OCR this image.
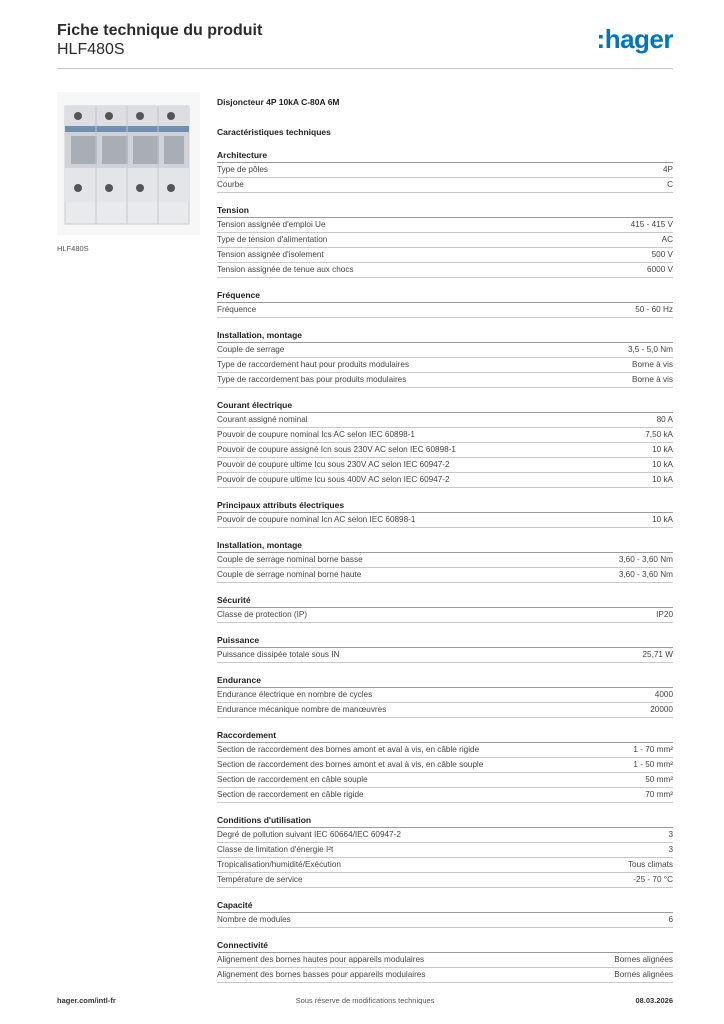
Fiche technique du produit
HLF480S	:hager
HLF480S
Disjoncteur 4P 10kA C-80A 6M
Caractéristiques techniques
Architecture
Type de pôles	4P
Courbe	C
Tension
Tension assignée d'emploi Ue	415 - 415 V
Type de tension d'alimentation	AC
Tension assignée d'isolement	500 V
Tension assignée de tenue aux chocs	6000 V
Fréquence
Fréquence	50 - 60 Hz
Installation, montage
Couple de serrage	3,5 - 5,0 Nm
Type de raccordement haut pour produits modulaires	Borne à vis
Type de raccordement bas pour produits modulaires	Borne à vis
Courant électrique
Courant assigné nominal	80 A
Pouvoir de coupure nominal Ics AC selon IEC 60898-1	7,50 kA
Pouvoir de coupure assigné Icn sous 230V AC selon IEC 60898-1	10 kA
Pouvoir de coupure ultime Icu sous 230V AC selon IEC 60947-2	10 kA
Pouvoir de coupure ultime Icu sous 400V AC selon IEC 60947-2	10 kA
Principaux attributs électriques
Pouvoir de coupure nominal Icn AC selon IEC 60898-1	10 kA
Installation, montage
Couple de serrage nominal borne basse	3,60 - 3,60 Nm
Couple de serrage nominal borne haute	3,60 - 3,60 Nm
Sécurité
Classe de protection (IP)	IP20
Puissance
Puissance dissipée totale sous IN	25,71 W
Endurance
Endurance électrique en nombre de cycles	4000
Endurance mécanique nombre de manœuvres	20000
Raccordement
Section de raccordement des bornes amont et aval à vis, en câble rigide	1 - 70 mm²
Section de raccordement des bornes amont et aval à vis, en câble souple	1 - 50 mm²
Section de raccordement en câble souple	50 mm²
Section de raccordement en câble rigide	70 mm²
Conditions d'utilisation
Degré de pollution suivant IEC 60664/IEC 60947-2	3
Classe de limitation d'énergie I²t	3
Tropicalisation/humidité/Exécution	Tous climats
Température de service	-25 - 70 °C
Capacité
Nombre de modules	6
Connectivité
Alignement des bornes hautes pour appareils modulaires	Bornes alignées
Alignement des bornes basses pour appareils modulaires	Bornes alignées
hager.com/intl-fr	Sous réserve de modifications techniques	08.03.2026
